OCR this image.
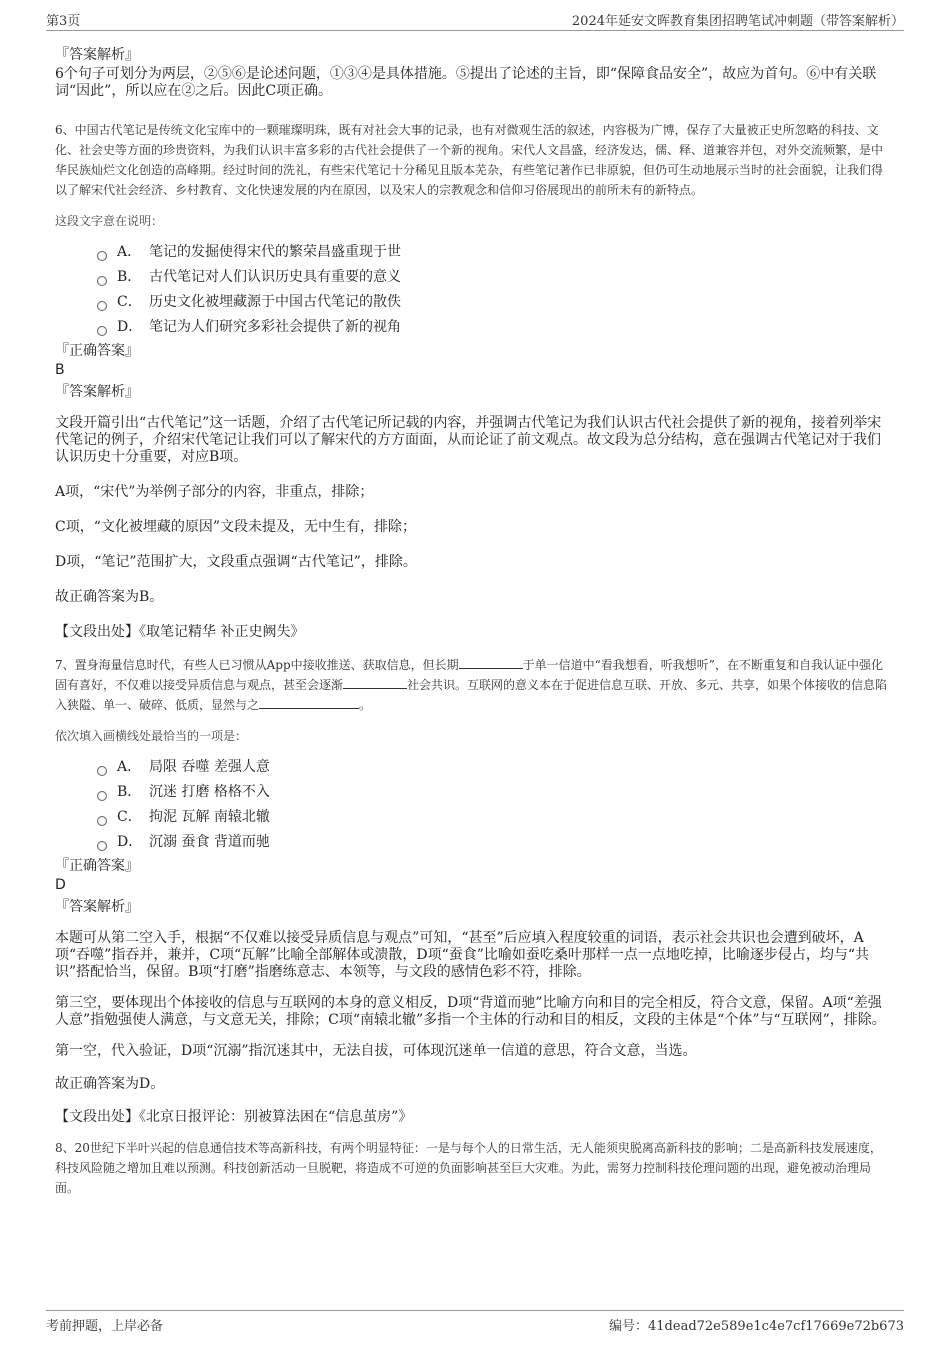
第3页	2024年延安文晖教育集团招聘笔试冲刺题（带答案解析）

『答案解析』

6个句子可划分为两层，②⑤⑥是论述问题，①③④是具体措施。⑤提出了论述的主旨，即“保障食品安全”，故应为首句。⑥中有关联词“因此”，所以应在②之后。因此C项正确。

6、中国古代笔记是传统文化宝库中的一颗璀璨明珠，既有对社会大事的记录，也有对微观生活的叙述，内容极为广博，保存了大量被正史所忽略的科技、文化、社会史等方面的珍贵资料，为我们认识丰富多彩的古代社会提供了一个新的视角。宋代人文昌盛，经济发达，儒、释、道兼容并包，对外交流频繁，是中华民族灿烂文化创造的高峰期。经过时间的洗礼，有些宋代笔记十分稀见且版本芜杂，有些笔记著作已非原貌，但仍可生动地展示当时的社会面貌，让我们得以了解宋代社会经济、乡村教育、文化快速发展的内在原因，以及宋人的宗教观念和信仰习俗展现出的前所未有的新特点。

这段文字意在说明：

A． 笔记的发掘使得宋代的繁荣昌盛重现于世
B． 古代笔记对人们认识历史具有重要的意义
C． 历史文化被埋藏源于中国古代笔记的散佚
D． 笔记为人们研究多彩社会提供了新的视角

『正确答案』

B

『答案解析』

文段开篇引出“古代笔记”这一话题，介绍了古代笔记所记载的内容，并强调古代笔记为我们认识古代社会提供了新的视角，接着列举宋代笔记的例子，介绍宋代笔记让我们可以了解宋代的方方面面，从而论证了前文观点。故文段为总分结构，意在强调古代笔记对于我们认识历史十分重要，对应B项。

A项，“宋代”为举例子部分的内容，非重点，排除；

C项，“文化被埋藏的原因”文段未提及，无中生有，排除；

D项，“笔记”范围扩大，文段重点强调“古代笔记”，排除。

故正确答案为B。

【文段出处】《取笔记精华 补正史阙失》

7、置身海量信息时代，有些人已习惯从App中接收推送、获取信息，但长期	于单一信道中“看我想看，听我想听”，在不断重复和自我认证中强化固有喜好，不仅难以接受异质信息与观点，甚至会逐渐	社会共识。互联网的意义本在于促进信息互联、开放、多元、共享，如果个体接收的信息陷入狭隘、单一、破碎、低质，显然与之	。

依次填入画横线处最恰当的一项是：

A． 局限 吞噬 差强人意
B． 沉迷 打磨 格格不入
C． 拘泥 瓦解 南辕北辙
D． 沉溺 蚕食 背道而驰

『正确答案』

D

『答案解析』

本题可从第二空入手，根据“不仅难以接受异质信息与观点”可知，“甚至”后应填入程度较重的词语，表示社会共识也会遭到破坏，A项“吞噬”指吞并，兼并，C项“瓦解”比喻全部解体或溃散，D项“蚕食”比喻如蚕吃桑叶那样一点一点地吃掉，比喻逐步侵占，均与“共识”搭配恰当，保留。B项“打磨”指磨练意志、本领等，与文段的感情色彩不符，排除。

第三空，要体现出个体接收的信息与互联网的本身的意义相反，D项“背道而驰”比喻方向和目的完全相反，符合文意，保留。A项“差强人意”指勉强使人满意，与文意无关，排除；C项“南辕北辙”多指一个主体的行动和目的相反，文段的主体是“个体”与“互联网”，排除。

第一空，代入验证，D项“沉溺”指沉迷其中，无法自拔，可体现沉迷单一信道的意思，符合文意，当选。

故正确答案为D。

【文段出处】《北京日报评论：别被算法困在“信息茧房”》

8、20世纪下半叶兴起的信息通信技术等高新科技，有两个明显特征：一是与每个人的日常生活，无人能须臾脱离高新科技的影响；二是高新科技发展速度，科技风险随之增加且难以预测。科技创新活动一旦脱靶，将造成不可逆的负面影响甚至巨大灾难。为此，需努力控制科技伦理问题的出现，避免被动治理局面。

考前押题，上岸必备	编号：41dead72e589e1c4e7cf17669e72b673
